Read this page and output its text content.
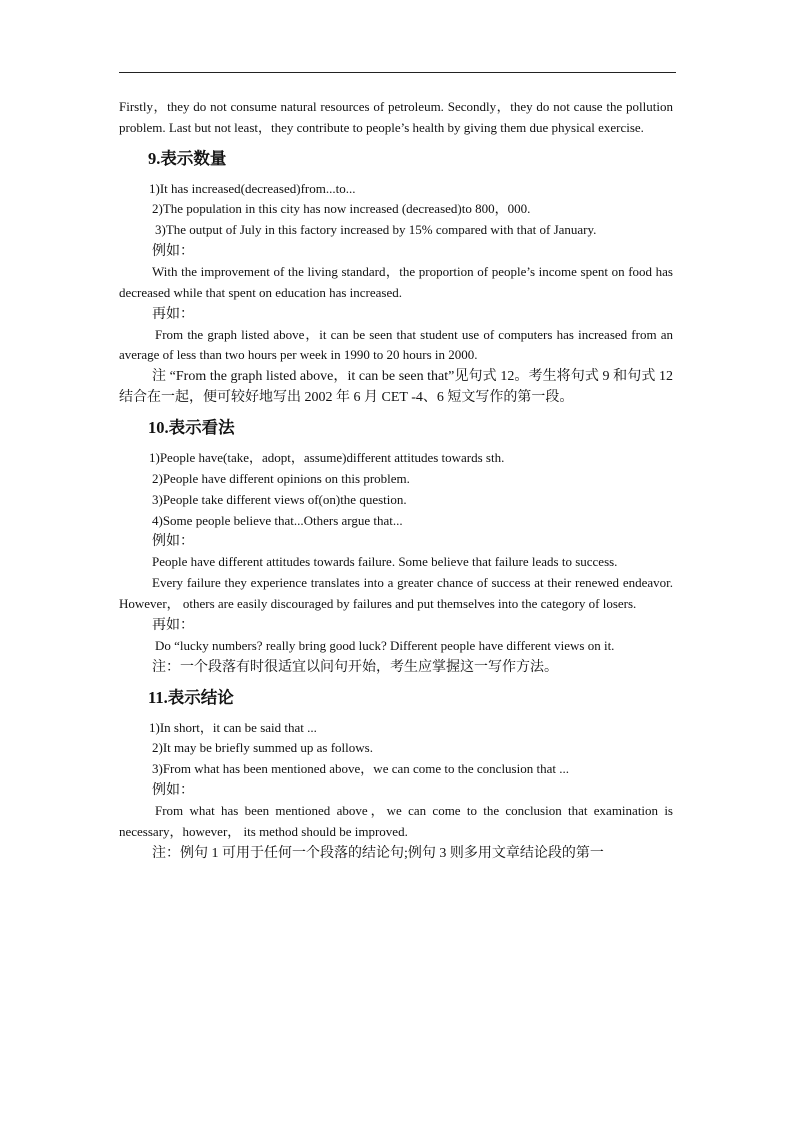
Firstly，they do not consume natural resources of petroleum. Secondly，they do not cause the pollution problem. Last but not least，they contribute to people’s health by giving them due physical exercise.

9.表示数量

1)It has increased(decreased)from...to...

2)The population in this city has now increased (decreased)to 800，000.

3)The output of July in this factory increased by 15% compared with that of January.

例如：

With the improvement of the living standard，the proportion of people’s income spent on food has decreased while that spent on education has increased.

再如：

From the graph listed above，it can be seen that student use of computers has increased from an average of less than two hours per week in 1990 to 20 hours in 2000.

注 “From the graph listed above，it can be seen that”见句式 12。考生将句式 9 和句式 12 结合在一起，便可较好地写出 2002 年 6 月 CET -4、6 短文写作的第一段。

10.表示看法

1)People have(take，adopt，assume)different attitudes towards sth.

2)People have different opinions on this problem.

3)People take different views of(on)the question.

4)Some people believe that...Others argue that...

例如：

People have different attitudes towards failure. Some believe that failure leads to success.

Every failure they experience translates into a greater chance of success at their renewed endeavor. However， others are easily discouraged by failures and put themselves into the category of losers.

再如：

Do “lucky numbers? really bring good luck? Different people have different views on it.

注：一个段落有时很适宜以问句开始，考生应掌握这一写作方法。

11.表示结论

1)In short，it can be said that ...

2)It may be briefly summed up as follows.

3)From what has been mentioned above，we can come to the conclusion that ...

例如：

From what has been mentioned above，we can come to the conclusion that examination is necessary，however， its method should be improved.

注：例句 1 可用于任何一个段落的结论句;例句 3 则多用文章结论段的第一
